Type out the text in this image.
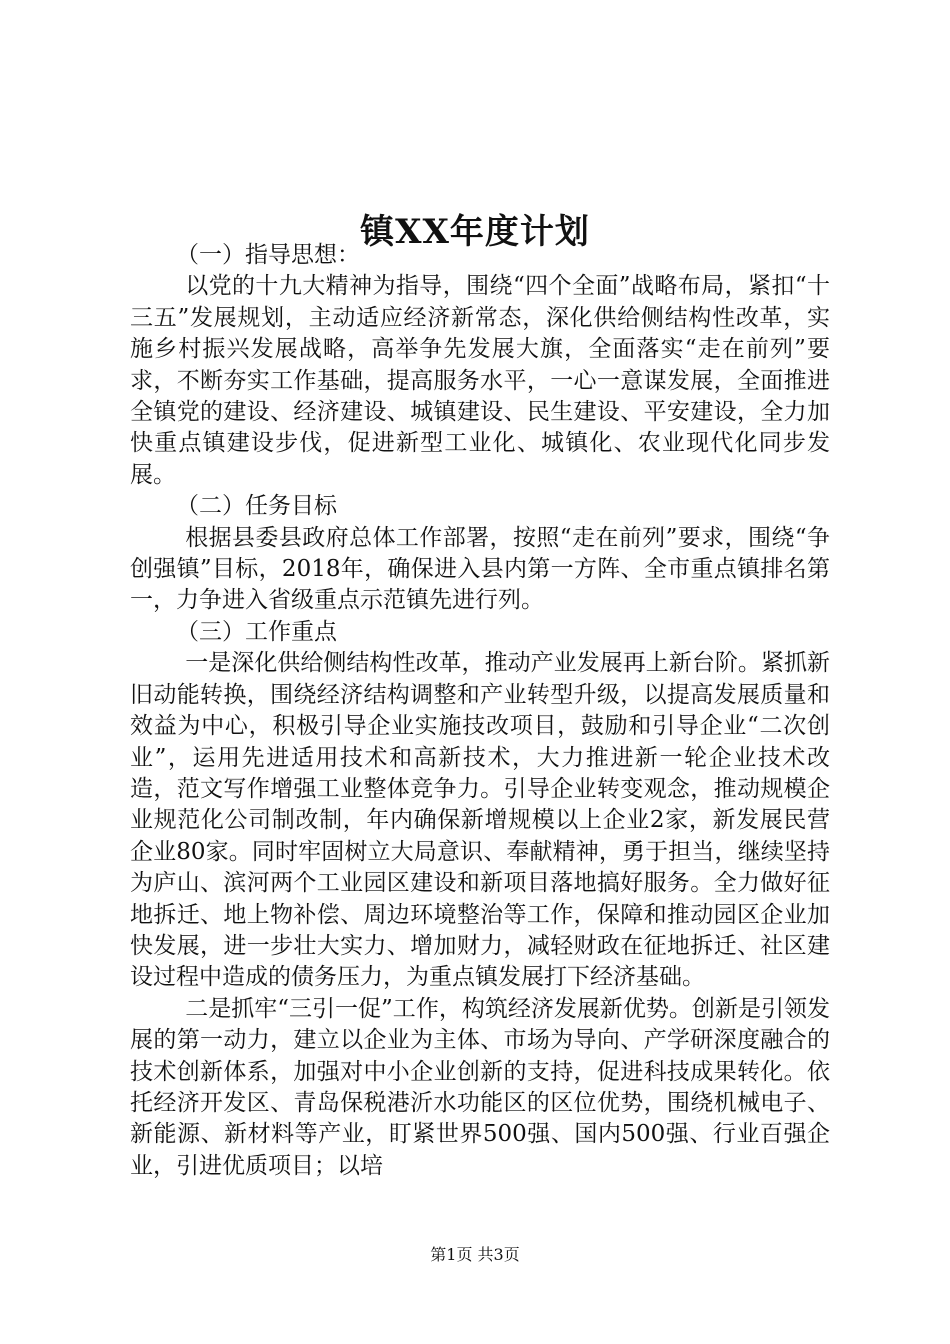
镇XX年度计划

（一）指导思想：

以党的十九大精神为指导，围绕“四个全面”战略布局，紧扣“十三五”发展规划，主动适应经济新常态，深化供给侧结构性改革，实施乡村振兴发展战略，高举争先发展大旗，全面落实“走在前列”要求，不断夯实工作基础，提高服务水平，一心一意谋发展，全面推进全镇党的建设、经济建设、城镇建设、民生建设、平安建设，全力加快重点镇建设步伐，促进新型工业化、城镇化、农业现代化同步发展。

（二）任务目标

根据县委县政府总体工作部署，按照“走在前列”要求，围绕“争创强镇”目标，2018年，确保进入县内第一方阵、全市重点镇排名第一，力争进入省级重点示范镇先进行列。

（三）工作重点

一是深化供给侧结构性改革，推动产业发展再上新台阶。紧抓新旧动能转换，围绕经济结构调整和产业转型升级，以提高发展质量和效益为中心，积极引导企业实施技改项目，鼓励和引导企业“二次创业”，运用先进适用技术和高新技术，大力推进新一轮企业技术改造，范文写作增强工业整体竞争力。引导企业转变观念，推动规模企业规范化公司制改制，年内确保新增规模以上企业2家，新发展民营企业80家。同时牢固树立大局意识、奉献精神，勇于担当，继续坚持为庐山、滨河两个工业园区建设和新项目落地搞好服务。全力做好征地拆迁、地上物补偿、周边环境整治等工作，保障和推动园区企业加快发展，进一步壮大实力、增加财力，减轻财政在征地拆迁、社区建设过程中造成的债务压力，为重点镇发展打下经济基础。

二是抓牢“三引一促”工作，构筑经济发展新优势。创新是引领发展的第一动力，建立以企业为主体、市场为导向、产学研深度融合的技术创新体系，加强对中小企业创新的支持，促进科技成果转化。依托经济开发区、青岛保税港沂水功能区的区位优势，围绕机械电子、新能源、新材料等产业，盯紧世界500强、国内500强、行业百强企业，引进优质项目；以培

第1页 共3页
